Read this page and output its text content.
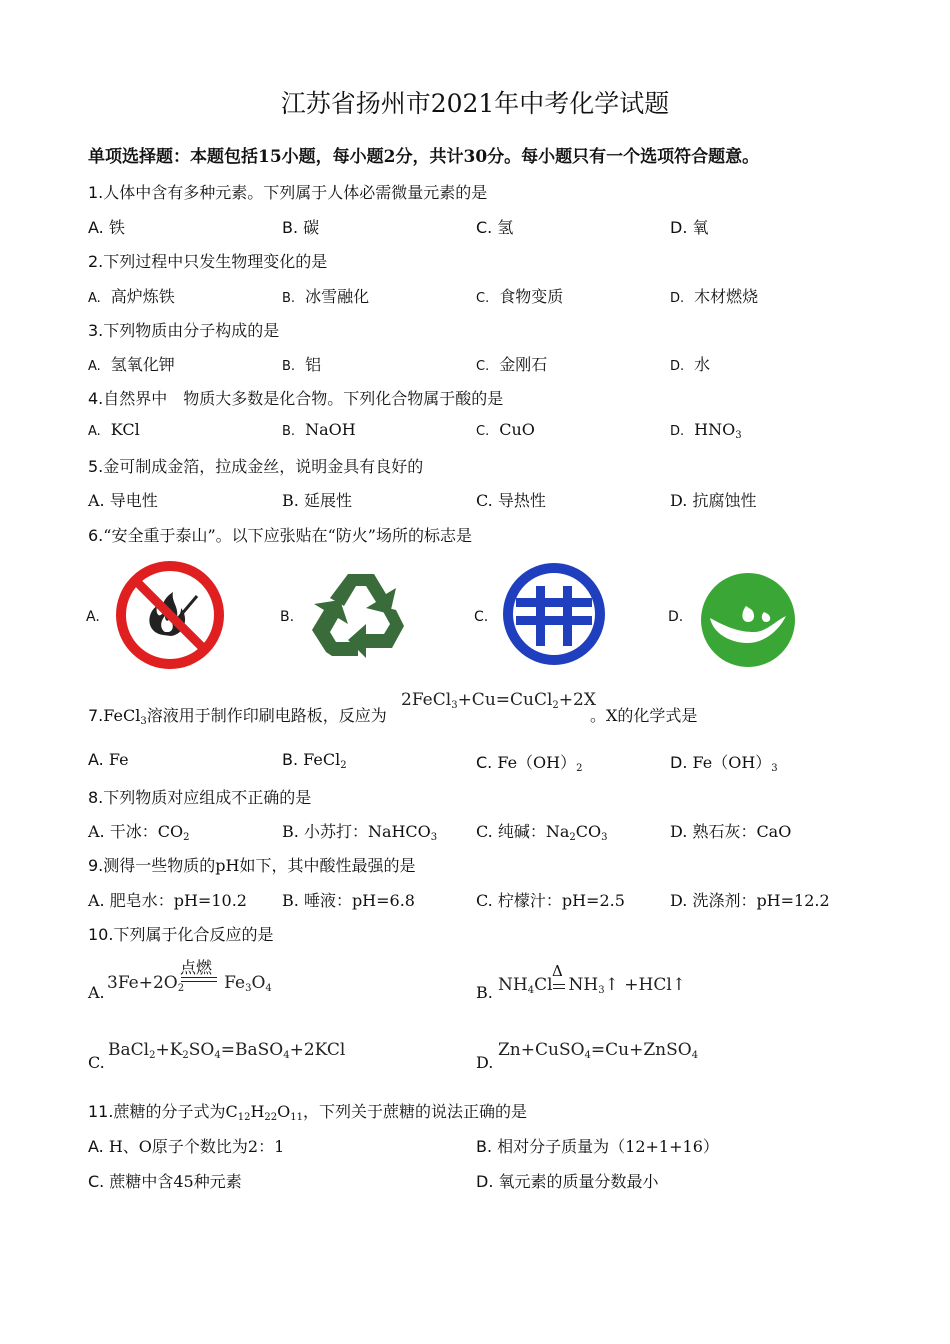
江苏省扬州市2021年中考化学试题
单项选择题：本题包括15小题，每小题2分，共计30分。每小题只有一个选项符合题意。
1.人体中含有多种元素。下列属于人体必需微量元素的是
A. 铁	B. 碳	C. 氢	D. 氧
2.下列过程中只发生物理变化的是
A. 高炉炼铁	B. 冰雪融化	C. 食物变质	D. 木材燃烧
3.下列物质由分子构成的是
A. 氢氧化钾	B. 铝	C. 金刚石	D. 水
4.自然界中　物质大多数是化合物。下列化合物属于酸的是
A. KCl	B. NaOH	C. CuO	D. $HNO_3$
5.金可制成金箔，拉成金丝，说明金具有良好的
A. 导电性	B. 延展性	C. 导热性	D. 抗腐蚀性
6.“安全重于泰山”。以下应张贴在“防火”场所的标志是
A.	B.	C.	D.
7.FeCl$_3$溶液用于制作印刷电路板，反应为
2FeCl$_3$+Cu=CuCl$_2$+2X
。X的化学式是
A. Fe	B. FeCl$_2$	C. $Fe(OH)_2$	D. $Fe(OH)_3$
8.下列物质对应组成不正确的是
A. 干冰：$CO_2$	B. 小苏打：NaHCO$_3$ C. 纯碱：$Na_2CO_3$	D. 熟石灰：CaO
9.测得一些物质的pH如下，其中酸性最强的是
A. 肥皂水：pH=10.2 B. 唾液：pH=6.8	C. 柠檬汁：pH=2.5	D. 洗涤剂：pH=12.2
10.下列属于化合反应的是
A. $3Fe+2O_2$ $Fe_3O_4$
点燃
B. $NH_4Cl$ $NH_3↑$ +HCl↑
Δ
C.
$BaCl_2+K_2SO_4=BaSO_4+2KCl$
D.
Zn+CuSO$_4$=Cu+ZnSO$_4$
11.蔗糖的分子式为$C_{12}H_{22}O_{11}$，下列关于蔗糖的说法正确的是
A. H、O原子个数比为2：1	B. 相对分子质量为（12+1+16）
C. 蔗糖中含45种元素	D. 氧元素的质量分数最小
